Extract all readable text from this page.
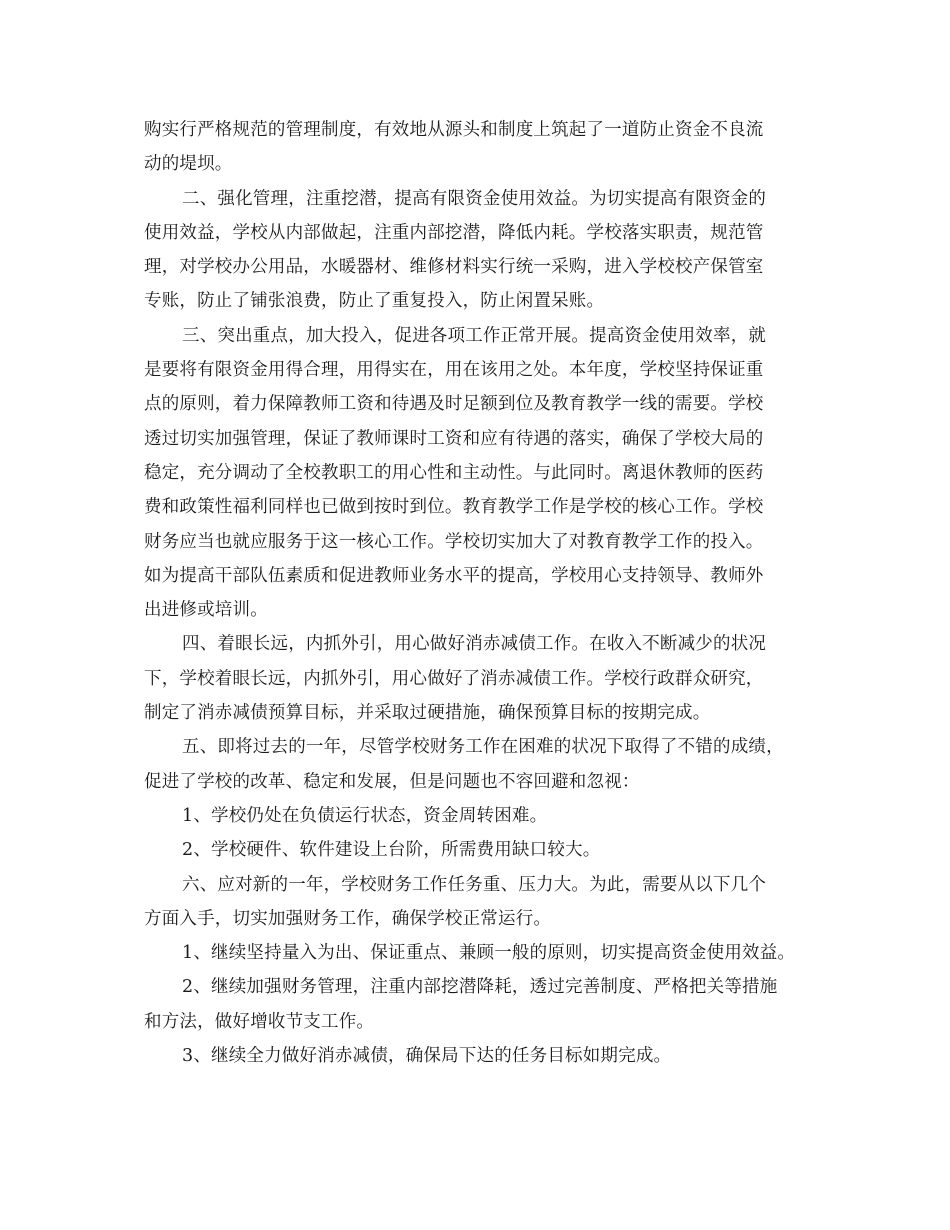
购实行严格规范的管理制度，有效地从源头和制度上筑起了一道防止资金不良流
动的堤坝。
二、强化管理，注重挖潜，提高有限资金使用效益。为切实提高有限资金的
使用效益，学校从内部做起，注重内部挖潜，降低内耗。学校落实职责，规范管
理，对学校办公用品，水暖器材、维修材料实行统一采购，进入学校校产保管室
专账，防止了铺张浪费，防止了重复投入，防止闲置呆账。
三、突出重点，加大投入，促进各项工作正常开展。提高资金使用效率，就
是要将有限资金用得合理，用得实在，用在该用之处。本年度，学校坚持保证重
点的原则，着力保障教师工资和待遇及时足额到位及教育教学一线的需要。学校
透过切实加强管理，保证了教师课时工资和应有待遇的落实，确保了学校大局的
稳定，充分调动了全校教职工的用心性和主动性。与此同时。离退休教师的医药
费和政策性福利同样也已做到按时到位。教育教学工作是学校的核心工作。学校
财务应当也就应服务于这一核心工作。学校切实加大了对教育教学工作的投入。
如为提高干部队伍素质和促进教师业务水平的提高，学校用心支持领导、教师外
出进修或培训。
四、着眼长远，内抓外引，用心做好消赤减债工作。在收入不断减少的状况
下，学校着眼长远，内抓外引，用心做好了消赤减债工作。学校行政群众研究，
制定了消赤减债预算目标，并采取过硬措施，确保预算目标的按期完成。
五、即将过去的一年，尽管学校财务工作在困难的状况下取得了不错的成绩，
促进了学校的改革、稳定和发展，但是问题也不容回避和忽视：
1、学校仍处在负债运行状态，资金周转困难。
2、学校硬件、软件建设上台阶，所需费用缺口较大。
六、应对新的一年，学校财务工作任务重、压力大。为此，需要从以下几个
方面入手，切实加强财务工作，确保学校正常运行。
1、继续坚持量入为出、保证重点、兼顾一般的原则，切实提高资金使用效益。
2、继续加强财务管理，注重内部挖潜降耗，透过完善制度、严格把关等措施
和方法，做好增收节支工作。
3、继续全力做好消赤减债，确保局下达的任务目标如期完成。
